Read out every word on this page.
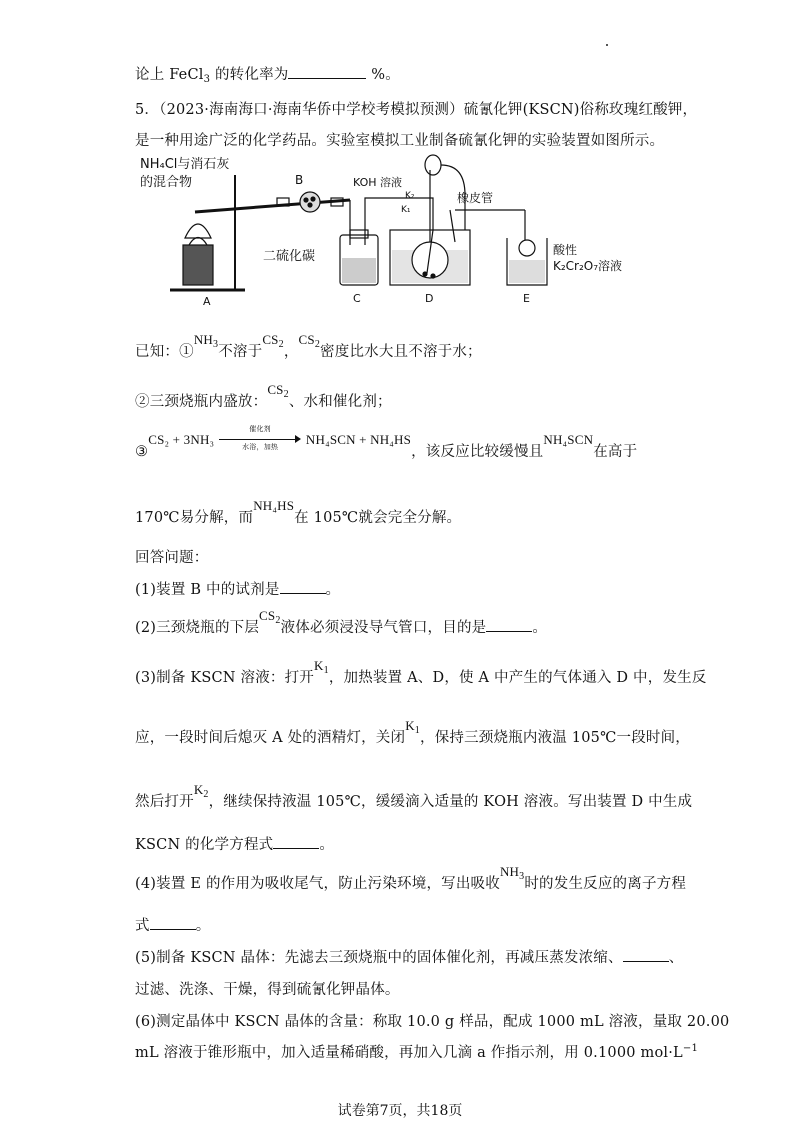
论上 FeCl$_3$ 的转化率为	%。
5．（2023·海南海口·海南华侨中学校考模拟预测）硫氰化钾(KSCN)俗称玫瑰红酸钾，
是一种用途广泛的化学药品。实验室模拟工业制备硫氰化钾的实验装置如图所示。
NH₄Cl与消石灰
的混合物
A
B
二硫化碳
C
KOH 溶液
K₂
K₁
橡皮管
D
酸性
K₂Cr₂O₇溶液
E
已知：$①NH_3$不溶于$CS_2$，$CS_2$密度比水大且不溶于水；
②三颈烧瓶内盛放：$CS_2$、水和催化剂；
③CS₂ + 3NH₃
催化剂
水浴，加热	NH₄SCN + NH₄HS，该反应比较缓慢且NH₄SCN在高于
170℃易分解，而NH₄HS在 105℃就会完全分解。
回答问题：
(1)装置 B 中的试剂是	。
(2)三颈烧瓶的下层$CS_2$液体必须浸没导气管口，目的是	。
(3)制备 KSCN 溶液：打开$K_1$，加热装置 A、D，使 A 中产生的气体通入 D 中，发生反
应，一段时间后熄灭 A 处的酒精灯，关闭$K_1$，保持三颈烧瓶内液温 105℃一段时间，
然后打开$K_2$，继续保持液温 105℃，缓缓滴入适量的 KOH 溶液。写出装置 D 中生成
KSCN 的化学方程式	。
(4)装置 E 的作用为吸收尾气，防止污染环境，写出吸收$NH_3$时的发生反应的离子方程
式	。
(5)制备 KSCN 晶体：先滤去三颈烧瓶中的固体催化剂，再减压蒸发浓缩、	、
过滤、洗涤、干燥，得到硫氰化钾晶体。
(6)测定晶体中 KSCN 晶体的含量：称取 10.0 g 样品，配成 1000 mL 溶液，量取 20.00
mL 溶液于锥形瓶中，加入适量稀硝酸，再加入几滴 a 作指示剂，用 0.1000 $mol\cdot L^{-1}$
试卷第7页，共18页
